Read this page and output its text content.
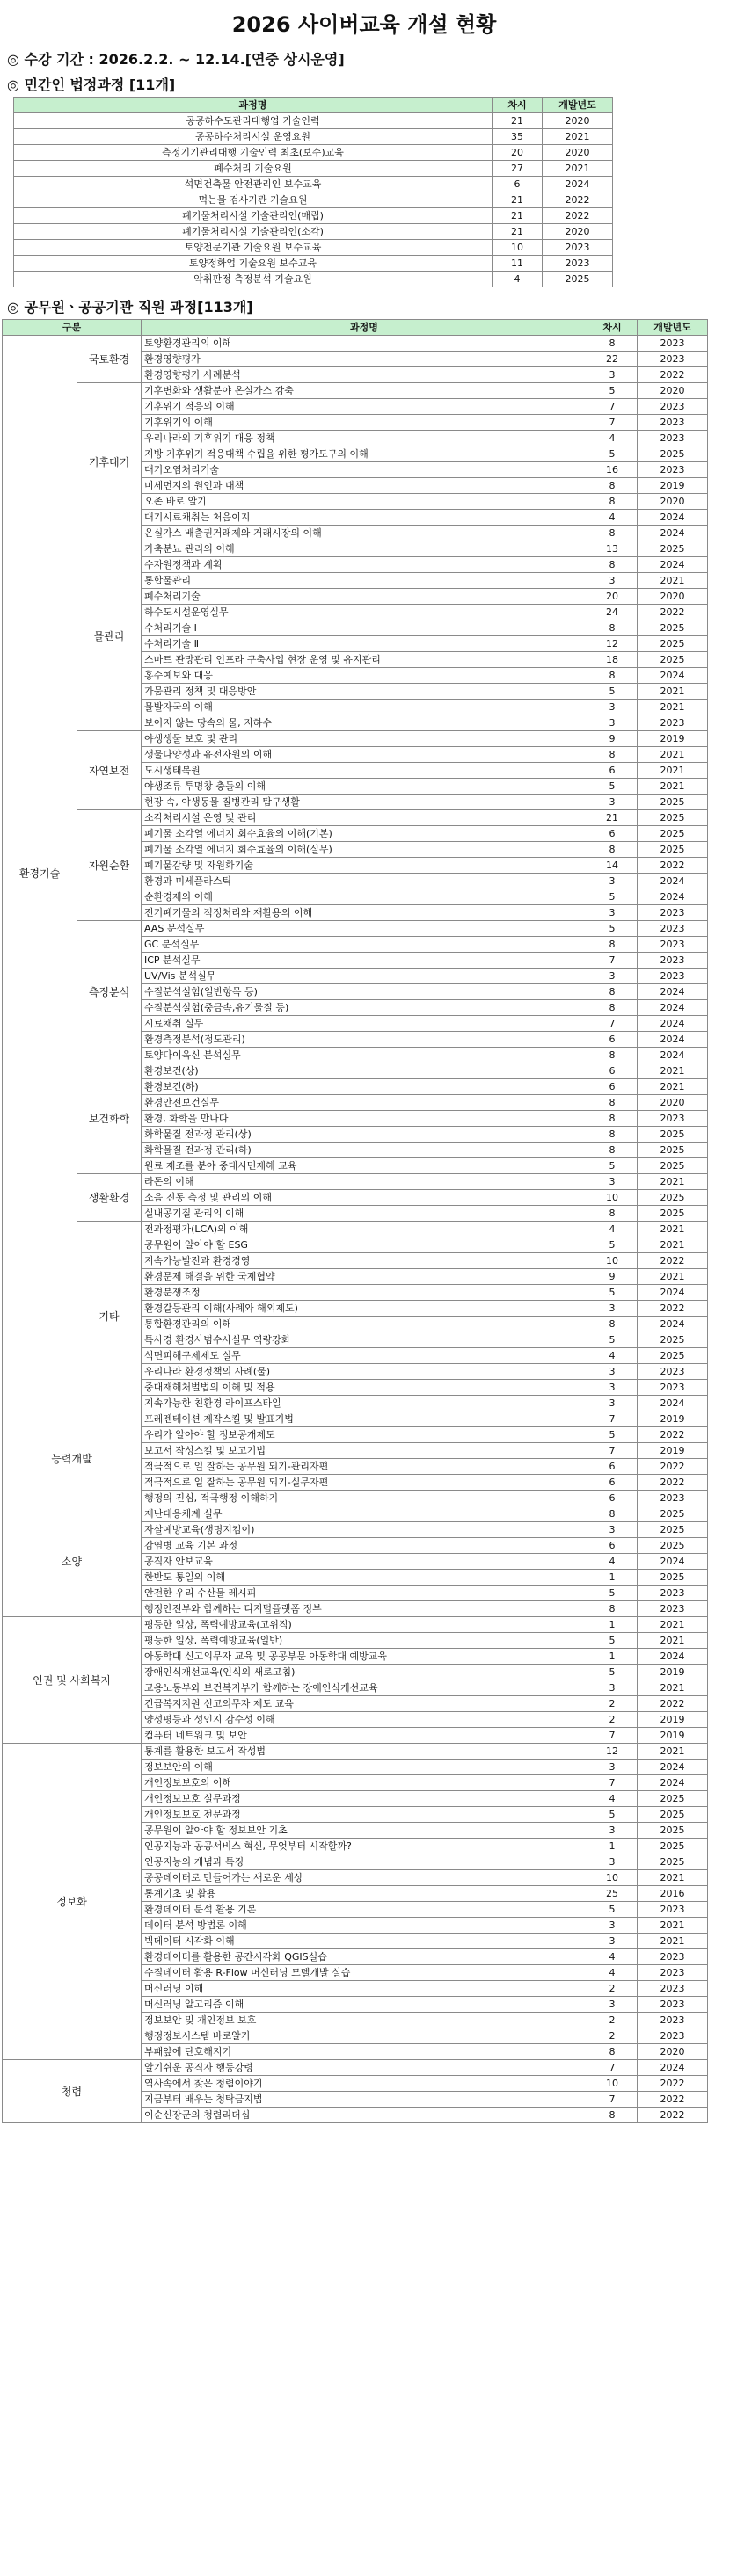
2026 사이버교육 개설 현황
◎ 수강 기간 : 2026.2.2. ~ 12.14.[연중 상시운영]
◎ 민간인 법정과정 [11개]
과정명	차시	개발년도
공공하수도관리대행업 기술인력	21	2020
공공하수처리시설 운영요원	35	2021
측정기기관리대행 기술인력 최초(보수)교육	20	2020
폐수처리 기술요원	27	2021
석면건축물 안전관리인 보수교육	6	2024
먹는물 검사기관 기술요원	21	2022
폐기물처리시설 기술관리인(매립)	21	2022
폐기물처리시설 기술관리인(소각)	21	2020
토양전문기관 기술요원 보수교육	10	2023
토양정화업 기술요원 보수교육	11	2023
악취판정 측정분석 기술요원	4	2025
◎ 공무원ㆍ공공기관 직원 과정[113개]
구분		과정명	차시	개발년도
환경기술	국토환경	토양환경관리의 이해	8	2023
		환경영향평가	22	2023
		환경영향평가 사례분석	3	2022
	기후대기	기후변화와 생활분야 온실가스 감축	5	2020
		기후위기 적응의 이해	7	2023
		기후위기의 이해	7	2023
		우리나라의 기후위기 대응 정책	4	2023
		지방 기후위기 적응대책 수립을 위한 평가도구의 이해	5	2025
		대기오염처리기술	16	2023
		미세먼지의 원인과 대책	8	2019
		오존 바로 알기	8	2020
		대기시료채취는 처음이지	4	2024
		온실가스 배출권거래제와 거래시장의 이해	8	2024
	물관리	가축분뇨 관리의 이해	13	2025
		수자원정책과 계획	8	2024
		통합물관리	3	2021
		폐수처리기술	20	2020
		하수도시설운영실무	24	2022
		수처리기술 Ⅰ	8	2025
		수처리기술 Ⅱ	12	2025
		스마트 관망관리 인프라 구축사업 현장 운영 및 유지관리	18	2025
		홍수예보와 대응	8	2024
		가뭄관리 정책 및 대응방안	5	2021
		물발자국의 이해	3	2021
		보이지 않는 땅속의 물, 지하수	3	2023
	자연보전	야생생물 보호 및 관리	9	2019
		생물다양성과 유전자원의 이해	8	2021
		도시생태복원	6	2021
		야생조류 투명창 충돌의 이해	5	2021
		현장 속, 야생동물 질병관리 탐구생활	3	2025
	자원순환	소각처리시설 운영 및 관리	21	2025
		폐기물 소각열 에너지 회수효율의 이해(기본)	6	2025
		폐기물 소각열 에너지 회수효율의 이해(실무)	8	2025
		폐기물감량 및 자원화기술	14	2022
		환경과 미세플라스틱	3	2024
		순환경제의 이해	5	2024
		전기폐기물의 적정처리와 재활용의 이해	3	2023
	측정분석	AAS 분석실무	5	2023
		GC 분석실무	8	2023
		ICP 분석실무	7	2023
		UV/Vis 분석실무	3	2023
		수질분석실험(일반항목 등)	8	2024
		수질분석실험(중금속,유기물질 등)	8	2024
		시료채취 실무	7	2024
		환경측정분석(정도관리)	6	2024
		토양다이옥신 분석실무	8	2024
	보건화학	환경보건(상)	6	2021
		환경보건(하)	6	2021
		환경안전보건실무	8	2020
		환경, 화학을 만나다	8	2023
		화학물질 전과정 관리(상)	8	2025
		화학물질 전과정 관리(하)	8	2025
		원료 제조를 분야 중대시민재해 교육	5	2025
	생활환경	라돈의 이해	3	2021
		소음 진동 측정 및 관리의 이해	10	2025
		실내공기질 관리의 이해	8	2025
	기타	전과정평가(LCA)의 이해	4	2021
		공무원이 알아야 할 ESG	5	2021
		지속가능발전과 환경경영	10	2022
		환경문제 해결을 위한 국제협약	9	2021
		환경분쟁조정	5	2024
		환경갈등관리 이해(사례와 해외제도)	3	2022
		통합환경관리의 이해	8	2024
		특사경 환경사범수사실무 역량강화	5	2025
		석면피해구제제도 실무	4	2025
		우리나라 환경정책의 사례(물)	3	2023
		중대재해처벌법의 이해 및 적용	3	2023
		지속가능한 친환경 라이프스타일	3	2024
능력개발		프레젠테이션 제작스킬 및 발표기법	7	2019
		우리가 알아야 할 정보공개제도	5	2022
		보고서 작성스킬 및 보고기법	7	2019
		적극적으로 일 잘하는 공무원 되기-관리자편	6	2022
		적극적으로 일 잘하는 공무원 되기-실무자편	6	2022
		행정의 진심, 적극행정 이해하기	6	2023
소양		재난대응체계 실무	8	2025
		자살예방교육(생명지킴이)	3	2025
		감염병 교육 기본 과정	6	2025
		공직자 안보교육	4	2024
		한반도 통일의 이해	1	2025
		안전한 우리 수산물 레시피	5	2023
		행정안전부와 함께하는 디지털플랫폼 정부	8	2023
인권 및 사회복지		평등한 일상, 폭력예방교육(고위직)	1	2021
		평등한 일상, 폭력예방교육(일반)	5	2021
		아동학대 신고의무자 교육 및 공공부문 아동학대 예방교육	1	2024
		장애인식개선교육(인식의 새로고침)	5	2019
		고용노동부와 보건복지부가 함께하는 장애인식개선교육	3	2021
		긴급복지지원 신고의무자 제도 교육	2	2022
		양성평등과 성인지 감수성 이해	2	2019
		컴퓨터 네트워크 및 보안	7	2019
정보화		통계를 활용한 보고서 작성법	12	2021
		정보보안의 이해	3	2024
		개인정보보호의 이해	7	2024
		개인정보보호 실무과정	4	2025
		개인정보보호 전문과정	5	2025
		공무원이 알아야 할 정보보안 기초	3	2025
		인공지능과 공공서비스 혁신, 무엇부터 시작할까?	1	2025
		인공지능의 개념과 특징	3	2025
		공공데이터로 만들어가는 새로운 세상	10	2021
		통계기초 및 활용	25	2016
		환경데이터 분석 활용 기본	5	2023
		데이터 분석 방법론 이해	3	2021
		빅데이터 시각화 이해	3	2021
		환경데이터를 활용한 공간시각화 QGIS실습	4	2023
		수질데이터 활용 R-Flow 머신러닝 모델개발 실습	4	2023
		머신러닝 이해	2	2023
		머신러닝 알고리즘 이해	3	2023
		정보보안 및 개인정보 보호	2	2023
		행정정보시스템 바로알기	2	2023
		부패앞에 단호해지기	8	2020
청렴		알기쉬운 공직자 행동강령	7	2024
		역사속에서 찾은 청렴이야기	10	2022
		지금부터 배우는 청탁금지법	7	2022
		이순신장군의 청렴리더십	8	2022
